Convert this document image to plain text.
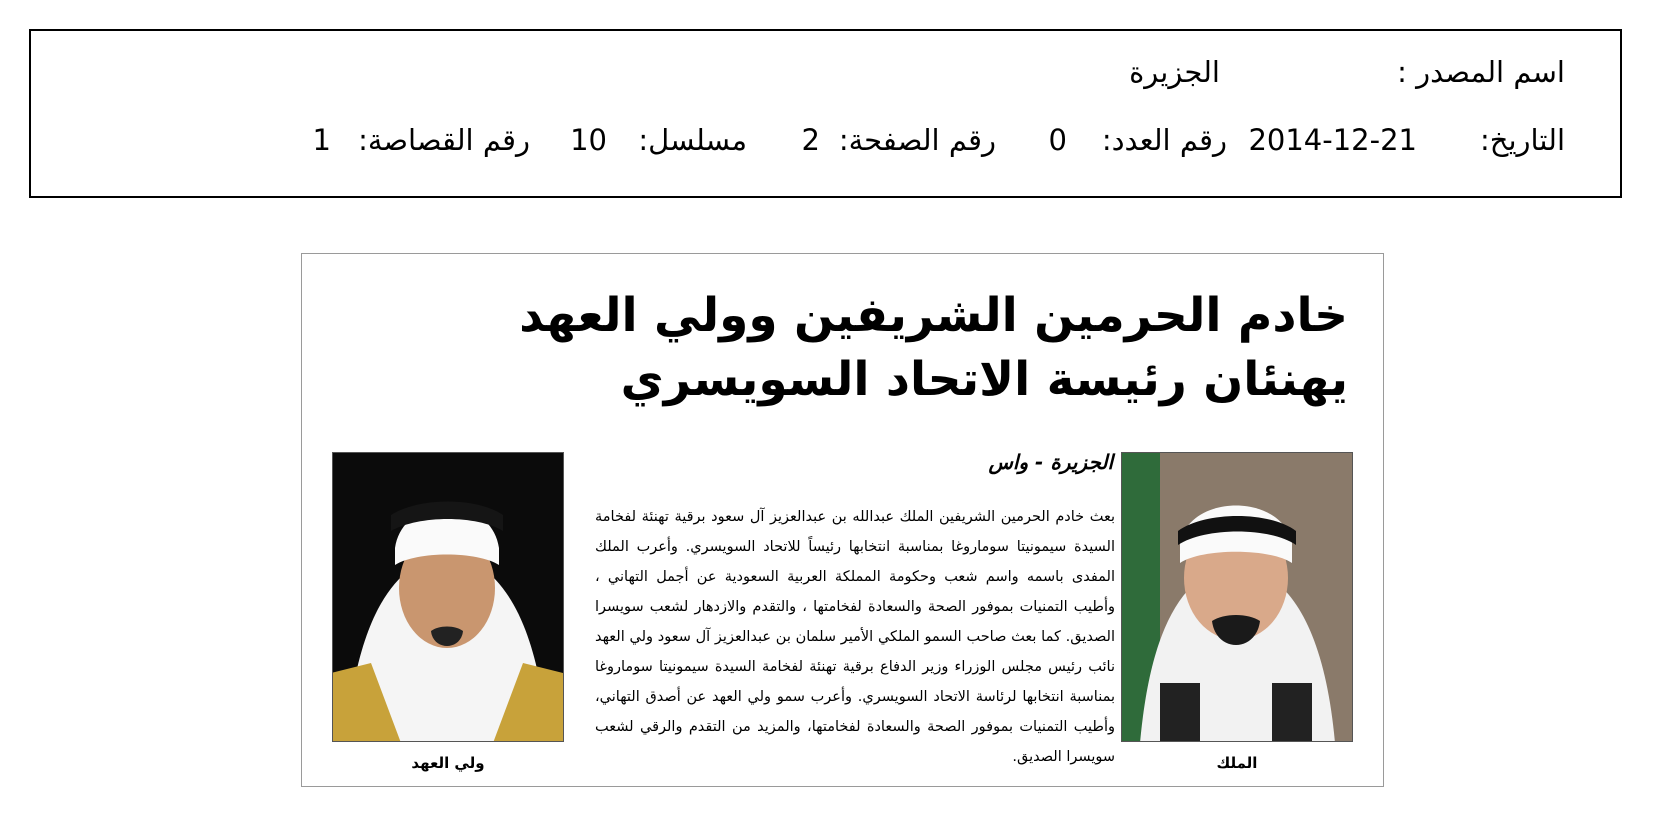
اسم المصدر :
الجزيرة
التاريخ:
2014-12-21
رقم العدد:
0
رقم الصفحة:
2
مسلسل:
10
رقم القصاصة:
1
خادم الحرمين الشريفين وولي العهد يهنئان رئيسة الاتحاد السويسري
الجزيرة - واس
بعث خادم الحرمين الشريفين الملك عبدالله بن عبدالعزيز آل سعود برقية تهنئة لفخامة السيدة سيمونيتا سوماروغا بمناسبة انتخابها رئيساً للاتحاد السويسري. وأعرب الملك المفدى باسمه واسم شعب وحكومة المملكة العربية السعودية عن أجمل التهاني ، وأطيب التمنيات بموفور الصحة والسعادة لفخامتها ، والتقدم والازدهار لشعب سويسرا الصديق. كما بعث صاحب السمو الملكي الأمير سلمان بن عبدالعزيز آل سعود ولي العهد نائب رئيس مجلس الوزراء وزير الدفاع برقية تهنئة لفخامة السيدة سيمونيتا سوماروغا بمناسبة انتخابها لرئاسة الاتحاد السويسري. وأعرب سمو ولي العهد عن أصدق التهاني، وأطيب التمنيات بموفور الصحة والسعادة لفخامتها، والمزيد من التقدم والرقي لشعب سويسرا الصديق.	الملك
ولي العهد
